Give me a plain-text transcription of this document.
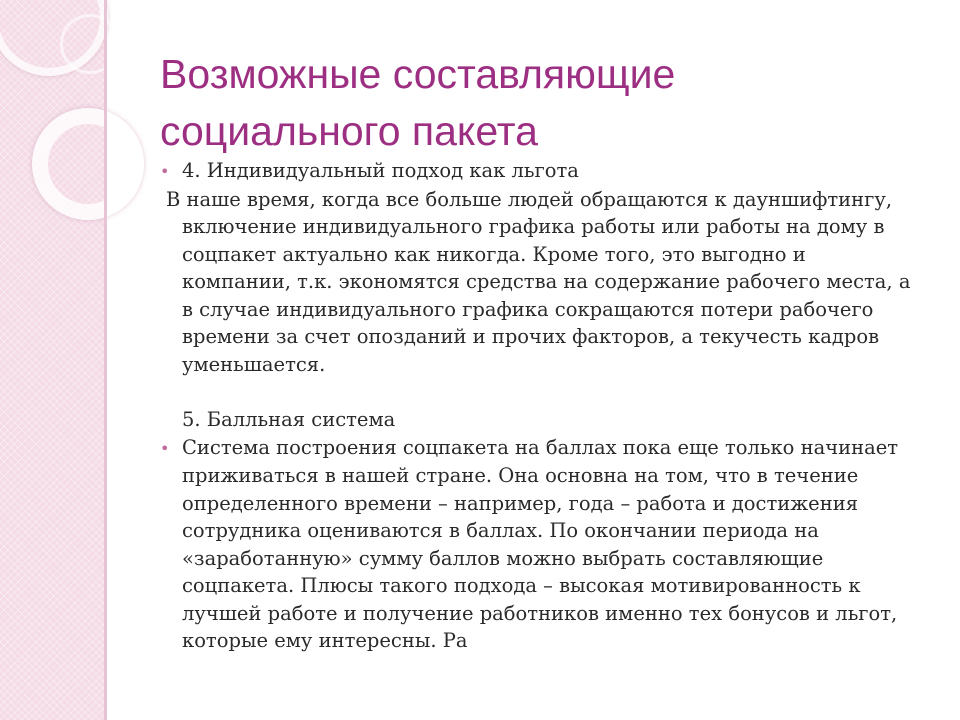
Возможные составляющие социального пакета
• 4. Индивидуальный подход как льгота
В наше время, когда все больше людей обращаются к дауншифтингу, включение индивидуального графика работы или работы на дому в соцпакет актуально как никогда. Кроме того, это выгодно и компании, т.к. экономятся средства на содержание рабочего места, а в случае индивидуального графика сокращаются потери рабочего времени за счет опозданий и прочих факторов, а текучесть кадров уменьшается.
5. Балльная система
• Система построения соцпакета на баллах пока еще только начинает приживаться в нашей стране. Она основна на том, что в течение определенного времени – например, года – работа и достижения сотрудника оцениваются в баллах. По окончании периода на «заработанную» сумму баллов можно выбрать составляющие соцпакета. Плюсы такого подхода – высокая мотивированность к лучшей работе и получение работников именно тех бонусов и льгот, которые ему интересны. Ра
